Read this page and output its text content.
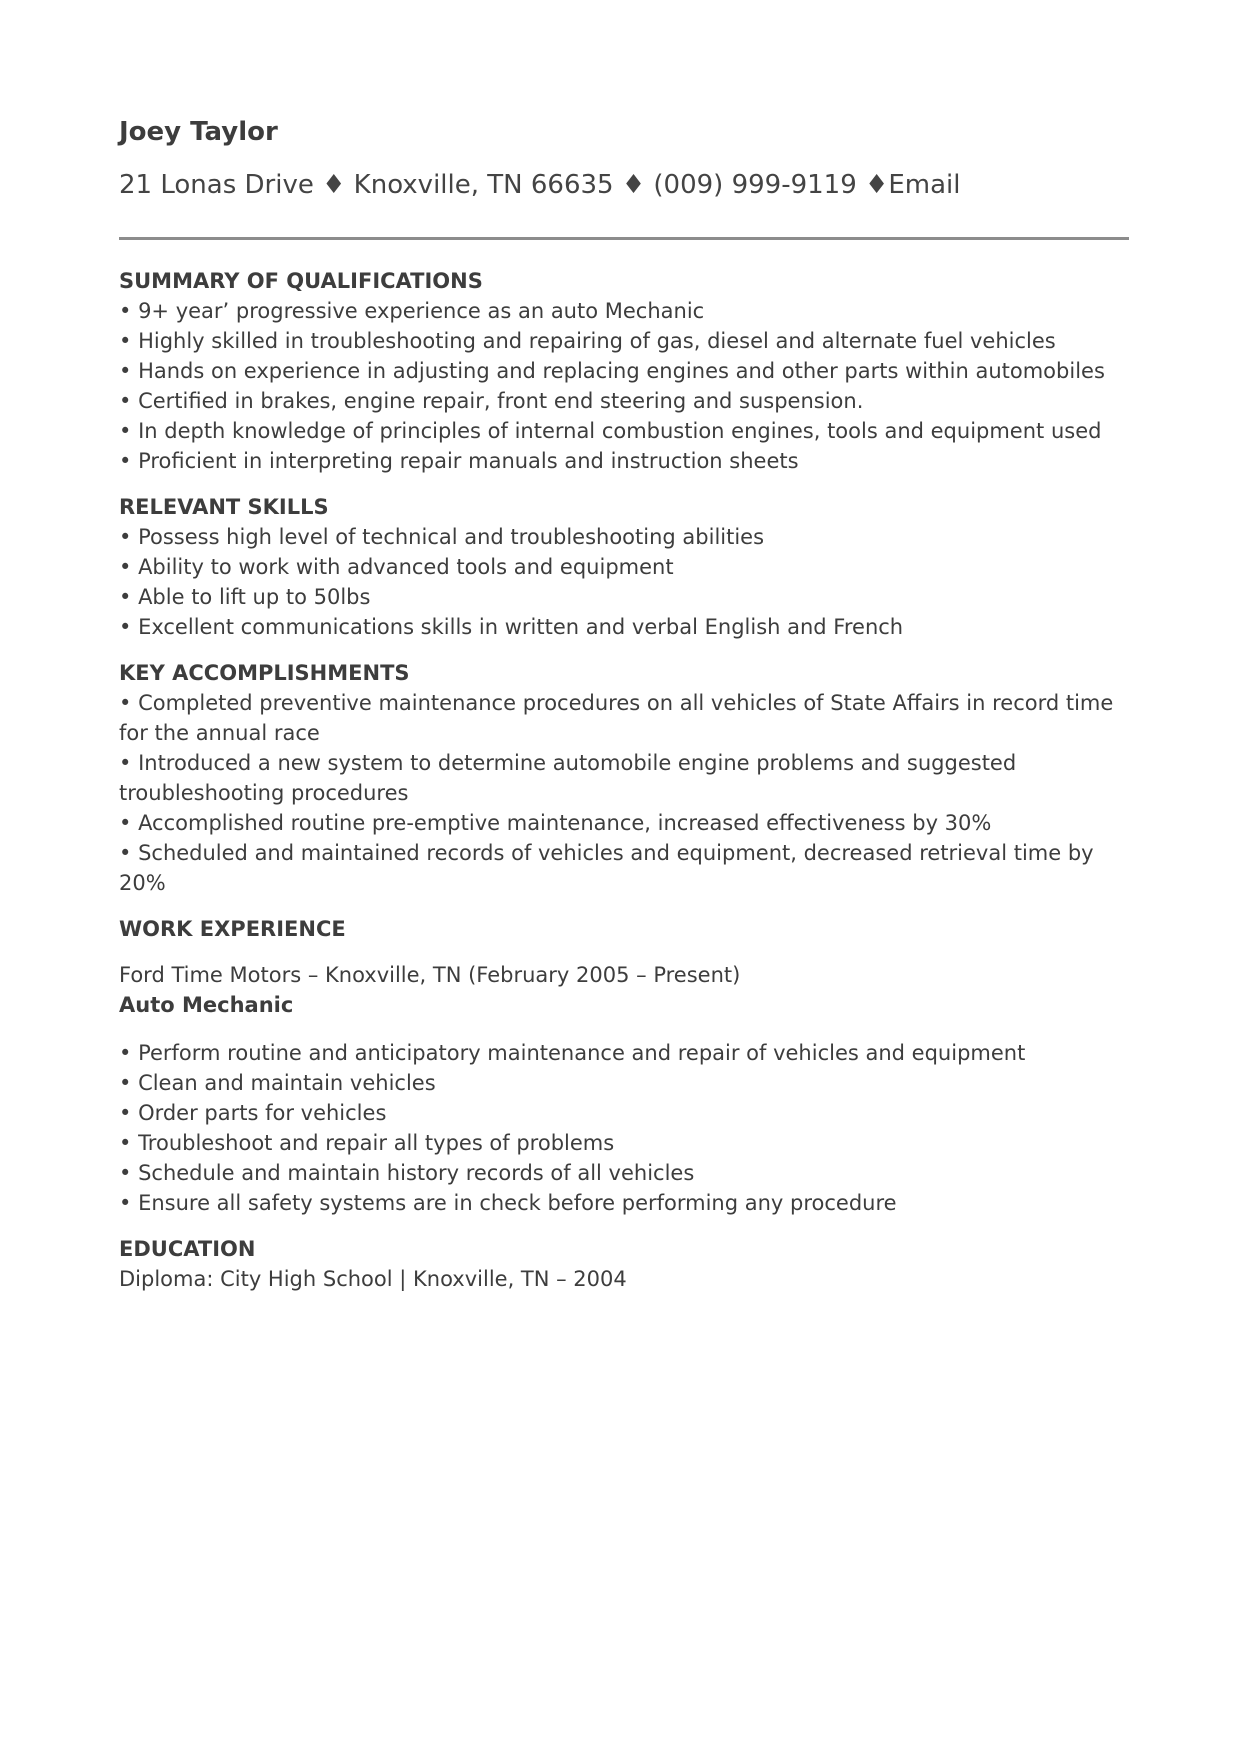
Joey Taylor
21 Lonas Drive ♦ Knoxville, TN 66635 ♦ (009) 999-9119 ♦Email
SUMMARY OF QUALIFICATIONS
• 9+ year’ progressive experience as an auto Mechanic
• Highly skilled in troubleshooting and repairing of gas, diesel and alternate fuel vehicles
• Hands on experience in adjusting and replacing engines and other parts within automobiles
• Certified in brakes, engine repair, front end steering and suspension.
• In depth knowledge of principles of internal combustion engines, tools and equipment used
• Proficient in interpreting repair manuals and instruction sheets
RELEVANT SKILLS
• Possess high level of technical and troubleshooting abilities
• Ability to work with advanced tools and equipment
• Able to lift up to 50lbs
• Excellent communications skills in written and verbal English and French
KEY ACCOMPLISHMENTS
• Completed preventive maintenance procedures on all vehicles of State Affairs in record time for the annual race
• Introduced a new system to determine automobile engine problems and suggested troubleshooting procedures
• Accomplished routine pre-emptive maintenance, increased effectiveness by 30%
• Scheduled and maintained records of vehicles and equipment, decreased retrieval time by 20%
WORK EXPERIENCE
Ford Time Motors – Knoxville, TN (February 2005 – Present)
Auto Mechanic
• Perform routine and anticipatory maintenance and repair of vehicles and equipment
• Clean and maintain vehicles
• Order parts for vehicles
• Troubleshoot and repair all types of problems
• Schedule and maintain history records of all vehicles
• Ensure all safety systems are in check before performing any procedure
EDUCATION
Diploma: City High School | Knoxville, TN – 2004
